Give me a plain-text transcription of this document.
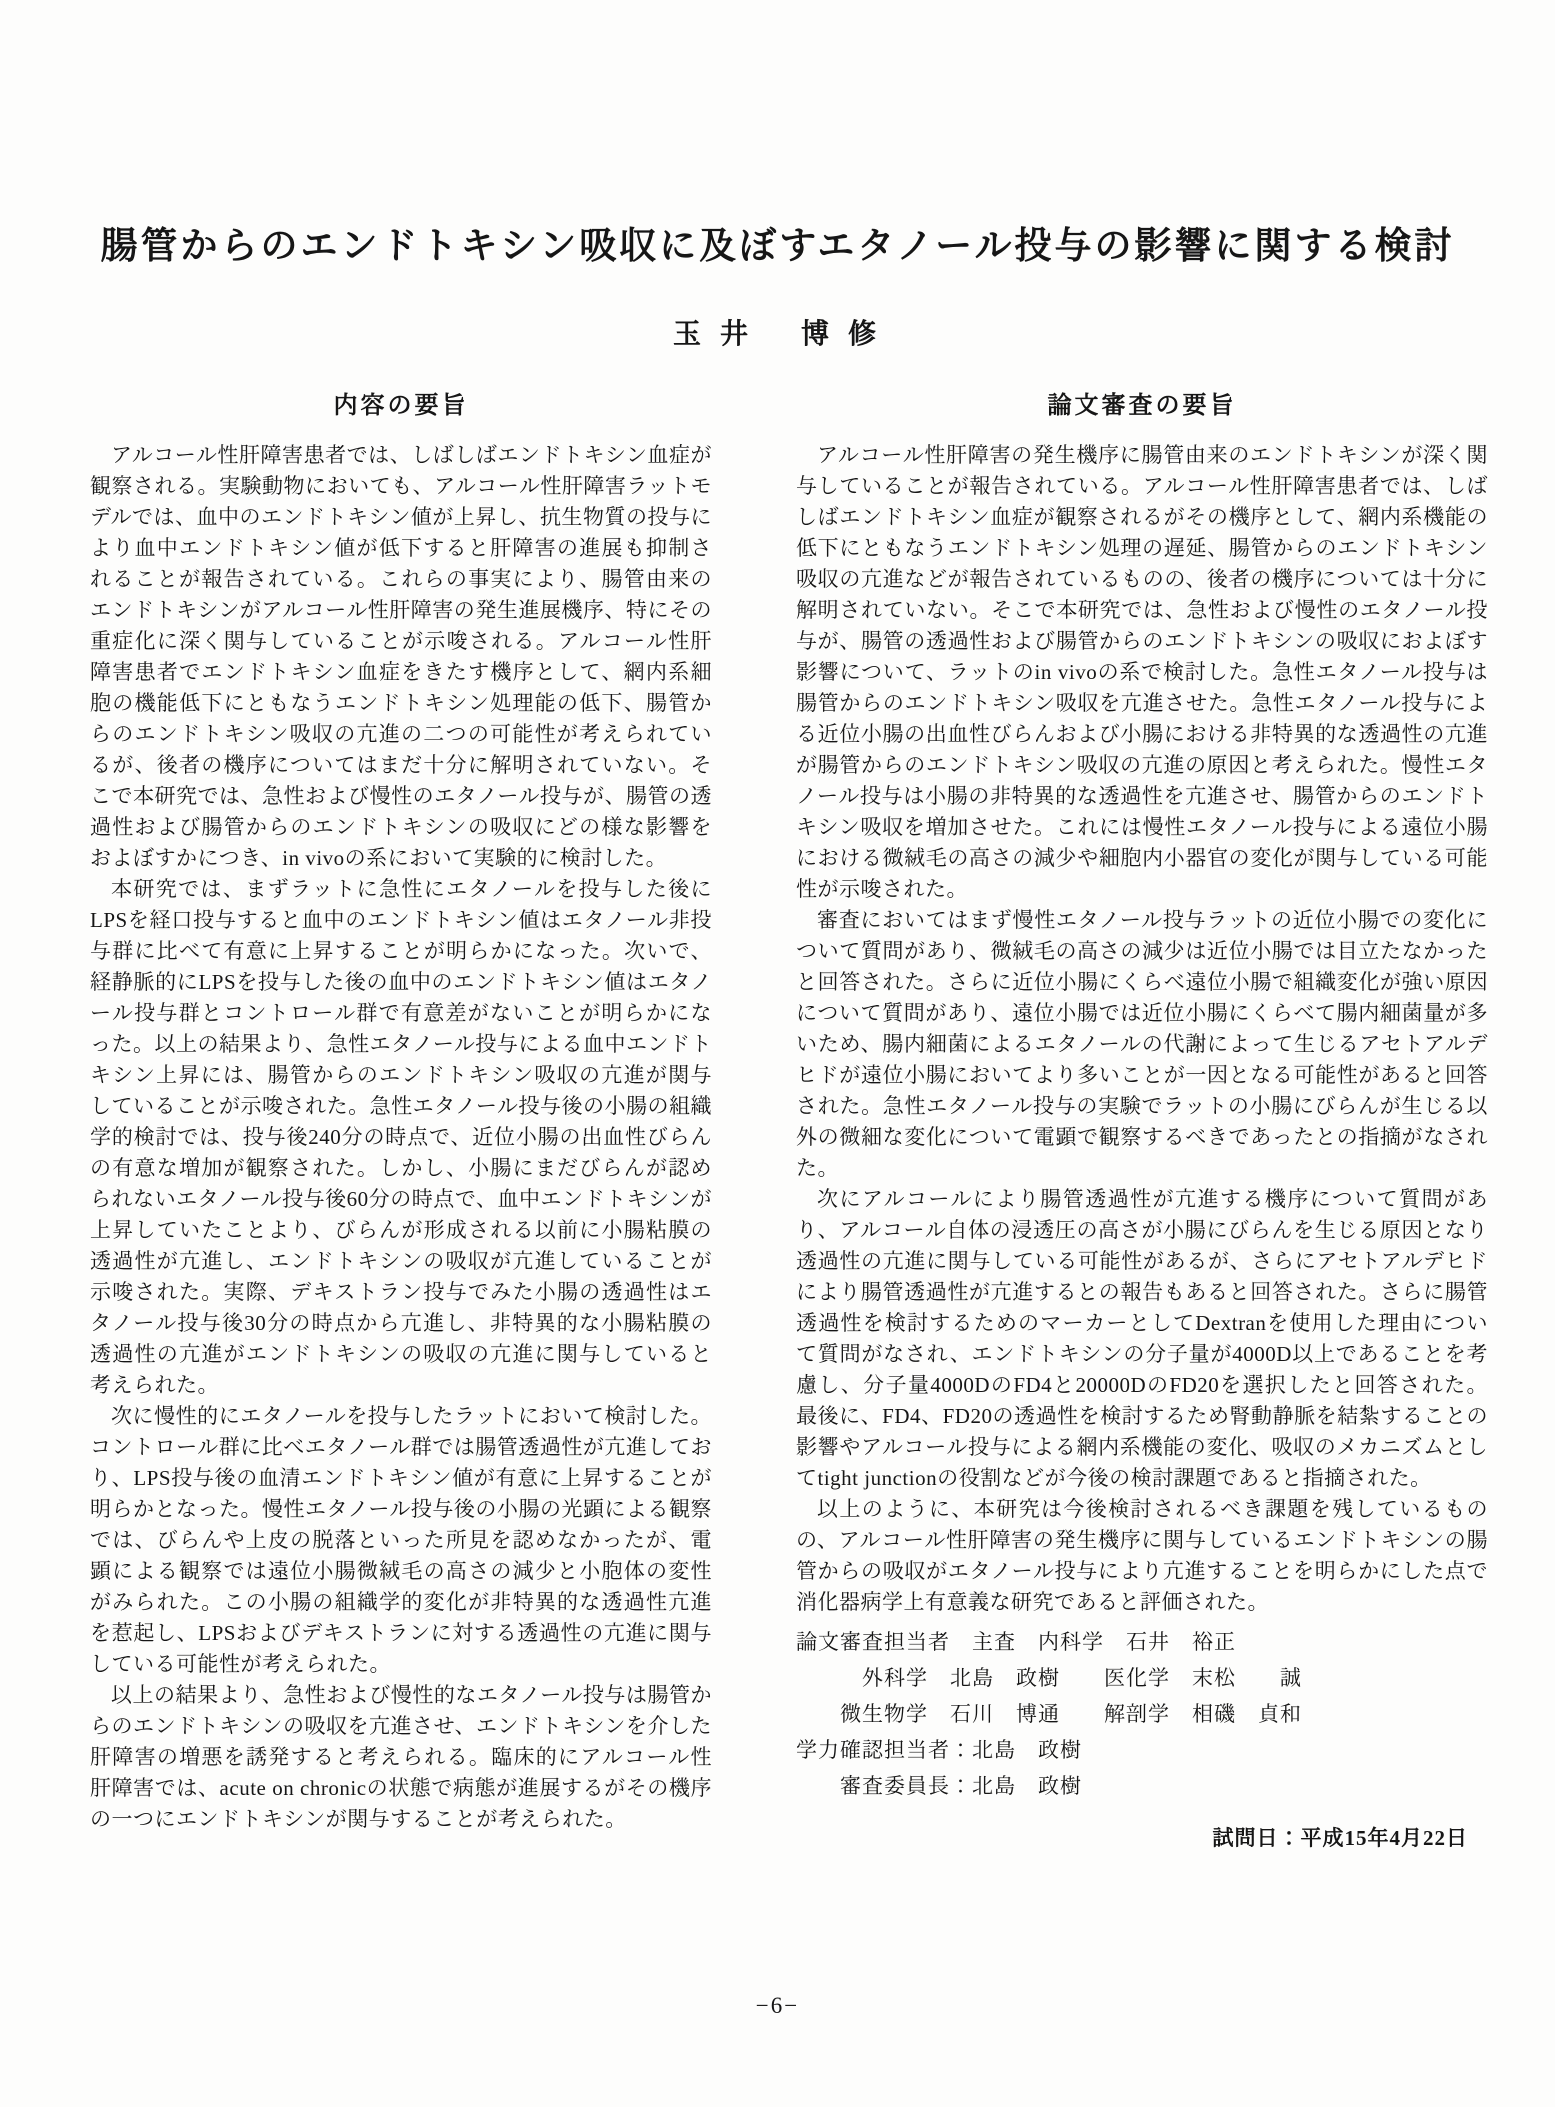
腸管からのエンドトキシン吸収に及ぼすエタノール投与の影響に関する検討
玉 井　 博 修
内容の要旨

アルコール性肝障害患者では、しばしばエンドトキシン血症が観察される。実験動物においても、アルコール性肝障害ラットモデルでは、血中のエンドトキシン値が上昇し、抗生物質の投与により血中エンドトキシン値が低下すると肝障害の進展も抑制されることが報告されている。これらの事実により、腸管由来のエンドトキシンがアルコール性肝障害の発生進展機序、特にその重症化に深く関与していることが示唆される。アルコール性肝障害患者でエンドトキシン血症をきたす機序として、網内系細胞の機能低下にともなうエンドトキシン処理能の低下、腸管からのエンドトキシン吸収の亢進の二つの可能性が考えられているが、後者の機序についてはまだ十分に解明されていない。そこで本研究では、急性および慢性のエタノール投与が、腸管の透過性および腸管からのエンドトキシンの吸収にどの様な影響をおよぼすかにつき、in vivoの系において実験的に検討した。

本研究では、まずラットに急性にエタノールを投与した後にLPSを経口投与すると血中のエンドトキシン値はエタノール非投与群に比べて有意に上昇することが明らかになった。次いで、経静脈的にLPSを投与した後の血中のエンドトキシン値はエタノール投与群とコントロール群で有意差がないことが明らかになった。以上の結果より、急性エタノール投与による血中エンドトキシン上昇には、腸管からのエンドトキシン吸収の亢進が関与していることが示唆された。急性エタノール投与後の小腸の組織学的検討では、投与後240分の時点で、近位小腸の出血性びらんの有意な増加が観察された。しかし、小腸にまだびらんが認められないエタノール投与後60分の時点で、血中エンドトキシンが上昇していたことより、びらんが形成される以前に小腸粘膜の透過性が亢進し、エンドトキシンの吸収が亢進していることが示唆された。実際、デキストラン投与でみた小腸の透過性はエタノール投与後30分の時点から亢進し、非特異的な小腸粘膜の透過性の亢進がエンドトキシンの吸収の亢進に関与していると考えられた。

次に慢性的にエタノールを投与したラットにおいて検討した。コントロール群に比べエタノール群では腸管透過性が亢進しており、LPS投与後の血清エンドトキシン値が有意に上昇することが明らかとなった。慢性エタノール投与後の小腸の光顕による観察では、びらんや上皮の脱落といった所見を認めなかったが、電顕による観察では遠位小腸微絨毛の高さの減少と小胞体の変性がみられた。この小腸の組織学的変化が非特異的な透過性亢進を惹起し、LPSおよびデキストランに対する透過性の亢進に関与している可能性が考えられた。

以上の結果より、急性および慢性的なエタノール投与は腸管からのエンドトキシンの吸収を亢進させ、エンドトキシンを介した肝障害の増悪を誘発すると考えられる。臨床的にアルコール性肝障害では、acute on chronicの状態で病態が進展するがその機序の一つにエンドトキシンが関与することが考えられた。

論文審査の要旨

アルコール性肝障害の発生機序に腸管由来のエンドトキシンが深く関与していることが報告されている。アルコール性肝障害患者では、しばしばエンドトキシン血症が観察されるがその機序として、網内系機能の低下にともなうエンドトキシン処理の遅延、腸管からのエンドトキシン吸収の亢進などが報告されているものの、後者の機序については十分に解明されていない。そこで本研究では、急性および慢性のエタノール投与が、腸管の透過性および腸管からのエンドトキシンの吸収におよぼす影響について、ラットのin vivoの系で検討した。急性エタノール投与は腸管からのエンドトキシン吸収を亢進させた。急性エタノール投与による近位小腸の出血性びらんおよび小腸における非特異的な透過性の亢進が腸管からのエンドトキシン吸収の亢進の原因と考えられた。慢性エタノール投与は小腸の非特異的な透過性を亢進させ、腸管からのエンドトキシン吸収を増加させた。これには慢性エタノール投与による遠位小腸における微絨毛の高さの減少や細胞内小器官の変化が関与している可能性が示唆された。

審査においてはまず慢性エタノール投与ラットの近位小腸での変化について質問があり、微絨毛の高さの減少は近位小腸では目立たなかったと回答された。さらに近位小腸にくらべ遠位小腸で組織変化が強い原因について質問があり、遠位小腸では近位小腸にくらべて腸内細菌量が多いため、腸内細菌によるエタノールの代謝によって生じるアセトアルデヒドが遠位小腸においてより多いことが一因となる可能性があると回答された。急性エタノール投与の実験でラットの小腸にびらんが生じる以外の微細な変化について電顕で観察するべきであったとの指摘がなされた。

次にアルコールにより腸管透過性が亢進する機序について質問があり、アルコール自体の浸透圧の高さが小腸にびらんを生じる原因となり透過性の亢進に関与している可能性があるが、さらにアセトアルデヒドにより腸管透過性が亢進するとの報告もあると回答された。さらに腸管透過性を検討するためのマーカーとしてDextranを使用した理由について質問がなされ、エンドトキシンの分子量が4000D以上であることを考慮し、分子量4000DのFD4と20000DのFD20を選択したと回答された。最後に、FD4、FD20の透過性を検討するため腎動静脈を結紮することの影響やアルコール投与による網内系機能の変化、吸収のメカニズムとしてtight junctionの役割などが今後の検討課題であると指摘された。

以上のように、本研究は今後検討されるべき課題を残しているものの、アルコール性肝障害の発生機序に関与しているエンドトキシンの腸管からの吸収がエタノール投与により亢進することを明らかにした点で消化器病学上有意義な研究であると評価された。

論文審査担当者　主査　内科学　石井　裕正
　　　外科学　北島　政樹　　医化学　末松　　誠
　　微生物学　石川　博通　　解剖学　相磯　貞和
学力確認担当者：北島　政樹
　　審査委員長：北島　政樹
試問日：平成15年4月22日
−6−
